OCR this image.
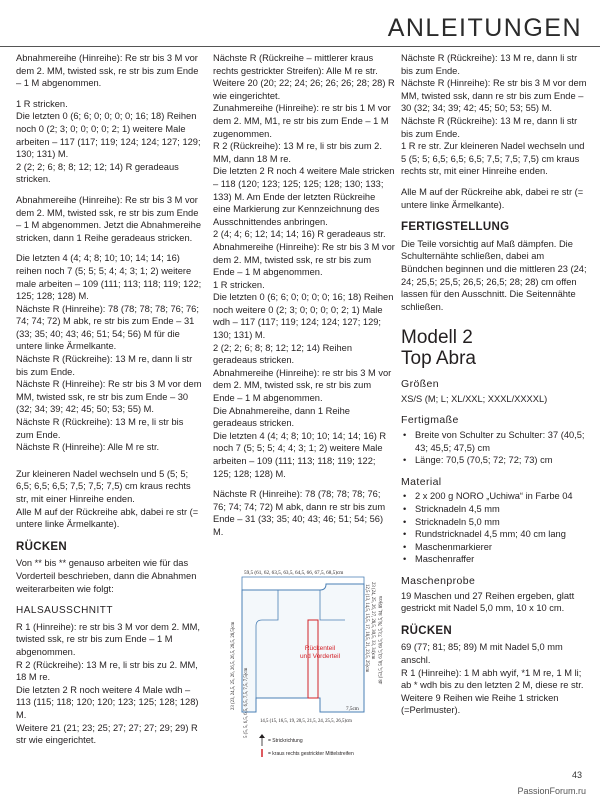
ANLEITUNGEN

Abnahmereihe (Hinreihe): Re str bis 3 M vor dem 2. MM, twisted ssk, re str bis zum Ende – 1 M abgenommen.

1 R stricken.

Die letzten 0 (6; 6; 0; 0; 0; 0; 16; 18) Reihen noch 0 (2; 3; 0; 0; 0; 0; 2; 1) weitere Male arbeiten – 117 (117; 119; 124; 124; 127; 129; 130; 131) M.

2 (2; 2; 6; 8; 8; 12; 12; 14) R geradeaus stricken.

Abnahmereihe (Hinreihe): Re str bis 3 M vor dem 2. MM, twisted ssk, re str bis zum Ende – 1 M abgenommen. Jetzt die Abnahmereihe stricken, dann 1 Reihe geradeaus stricken.

Die letzten 4 (4; 4; 8; 10; 10; 14; 14; 16) reihen noch 7 (5; 5; 5; 4; 4; 3; 1; 2) weitere male arbeiten – 109 (111; 113; 118; 119; 122; 125; 128; 128) M.

Nächste R (Hinreihe): 78 (78; 78; 78; 76; 76; 74; 74; 72) M abk, re str bis zum Ende – 31 (33; 35; 40; 43; 46; 51; 54; 56) M für die untere linke Ärmelkante.

Nächste R (Rückreihe): 13 M re, dann li str bis zum Ende.

Nächste R (Hinreihe): Re str bis 3 M vor dem MM, twisted ssk, re str bis zum Ende – 30 (32; 34; 39; 42; 45; 50; 53; 55) M.

Nächste R (Rückreihe): 13 M re, li str bis zum Ende.

Nächste R (Hinreihe): Alle M re str.

Zur kleineren Nadel wechseln und 5 (5; 5; 6,5; 6,5; 6,5; 7,5; 7,5; 7,5) cm kraus rechts str, mit einer Hinreihe enden.

Alle M auf der Rückreihe abk, dabei re str (= untere linke Ärmelkante).

RÜCKEN

Von ** bis ** genauso arbeiten wie für das Vorderteil beschrieben, dann die Abnahmen weiterarbeiten wie folgt:

HALSAUSSCHNITT

R 1 (Hinreihe): re str bis 3 M vor dem 2. MM, twisted ssk, re str bis zum Ende – 1 M abgenommen.

R 2 (Rückreihe): 13 M re, li str bis zu 2. MM, 18 M re.

Die letzten 2 R noch weitere 4 Male wdh – 113 (115; 118; 120; 120; 123; 125; 128; 128) M.

Weitere 21 (21; 23; 25; 27; 27; 27; 29; 29) R str wie eingerichtet.

Nächste R (Rückreihe – mittlerer kraus rechts gestrickter Streifen): Alle M re str.

Weitere 20 (20; 22; 24; 26; 26; 26; 28; 28) R wie eingerichtet.

Zunahmereihe (Hinreihe): re str bis 1 M vor dem 2. MM, M1, re str bis zum Ende – 1 M zugenommen.

R 2 (Rückreihe): 13 M re, li str bis zum 2. MM, dann 18 M re.

Die letzten 2 R noch 4 weitere Male stricken – 118 (120; 123; 125; 125; 128; 130; 133; 133) M. Am Ende der letzten Rückreihe eine Markierung zur Kennzeichnung des Ausschnittendes anbringen.

2 (4; 4; 6; 12; 14; 14; 16) R geradeaus str.

Abnahmereihe (Hinreihe): Re str bis 3 M vor dem 2. MM, twisted ssk, re str bis zum Ende – 1 M abgenommen.

1 R stricken.

Die letzten 0 (6; 6; 0; 0; 0; 0; 16; 18) Reihen noch weitere 0 (2; 3; 0; 0; 0; 0; 2; 1) Male wdh – 117 (117; 119; 124; 124; 127; 129; 130; 131) M.

2 (2; 2; 6; 8; 8; 12; 12; 14) Reihen geradeaus stricken.

Abnahmereihe (Hinreihe): re str bis 3 M vor dem 2. MM, twisted ssk, re str bis zum Ende – 1 M abgenommen.

Die Abnahmereihe, dann 1 Reihe geradeaus stricken.

Die letzten 4 (4; 4; 8; 10; 10; 14; 14; 16) R noch 7 (5; 5; 5; 4; 4; 3; 1; 2) weitere Male arbeiten – 109 (111; 113; 118; 119; 122; 125; 128; 128) M.

Nächste R (Hinreihe): 78 (78; 78; 78; 76; 76; 74; 74; 72) M abk, dann re str bis zum Ende – 31 (33; 35; 40; 43; 46; 51; 54; 56) M.

59,5 (61, 62, 63,5, 63,5, 64,5, 66, 67,5, 68,5)cm
Rückenteil
und Vorderteil	23 (24, 25, 26, 27, 28,5, 30,5, 33, 34)cm
12,5 (13, 14,5, 15,5, 17, 18,5, 21, 23,5, 25)cm 48 (53,5, 58, 63,5, 68,5, 73,5, 78,5, 84, 89)cm
23 (23, 24,5, 25, 26, 26,5, 26,5, 28,5, 28,5)cm 5 (5, 5, 6,5, 6,5, 6,5, 7,5, 7,5, 7,5)cm	7,5cm
14,5 (15, 16,5, 19, 20,5, 21,5, 24, 25,5, 26,5)cm
= Strickrichtung
= kraus rechts gestrickter Mittelstreifen

Nächste R (Rückreihe): 13 M re, dann li str bis zum Ende.

Nächste R (Hinreihe): Re str bis 3 M vor dem MM, twisted ssk, dann re str bis zum Ende – 30 (32; 34; 39; 42; 45; 50; 53; 55) M.

Nächste R (Rückreihe): 13 M re, dann li str bis zum Ende.

1 R re str. Zur kleineren Nadel wechseln und 5 (5; 5; 6,5; 6,5; 6,5; 7,5; 7,5; 7,5) cm kraus rechts str, mit einer Hinreihe enden.

Alle M auf der Rückreihe abk, dabei re str (= untere linke Ärmelkante).

FERTIGSTELLUNG

Die Teile vorsichtig auf Maß dämpfen. Die Schulternähte schließen, dabei am Bündchen beginnen und die mittleren 23 (24; 24; 25,5; 25,5; 26,5; 26,5; 28; 28) cm offen lassen für den Ausschnitt. Die Seitennähte schließen.

Modell 2
Top Abra
Größen
XS/S (M; L; XL/XXL; XXXL/XXXXL)
Fertigmaße
• Breite von Schulter zu Schulter: 37 (40,5; 43; 45,5; 47,5) cm
• Länge: 70,5 (70,5; 72; 72; 73) cm
Material
• 2 x 200 g NORO „Uchiwa“ in Farbe 04
• Stricknadeln 4,5 mm
• Stricknadeln 5,0 mm
• Rundstricknadel 4,5 mm; 40 cm lang
• Maschenmarkierer
• Maschenraffer
Maschenprobe

19 Maschen und 27 Reihen ergeben, glatt gestrickt mit Nadel 5,0 mm, 10 x 10 cm.

RÜCKEN

69 (77; 81; 85; 89) M mit Nadel 5,0 mm anschl.

R 1 (Hinreihe): 1 M abh wyif, *1 M re, 1 M li; ab * wdh bis zu den letzten 2 M, diese re str.

Weitere 9 Reihen wie Reihe 1 stricken (=Perlmuster).

43
PassionForum.ru
